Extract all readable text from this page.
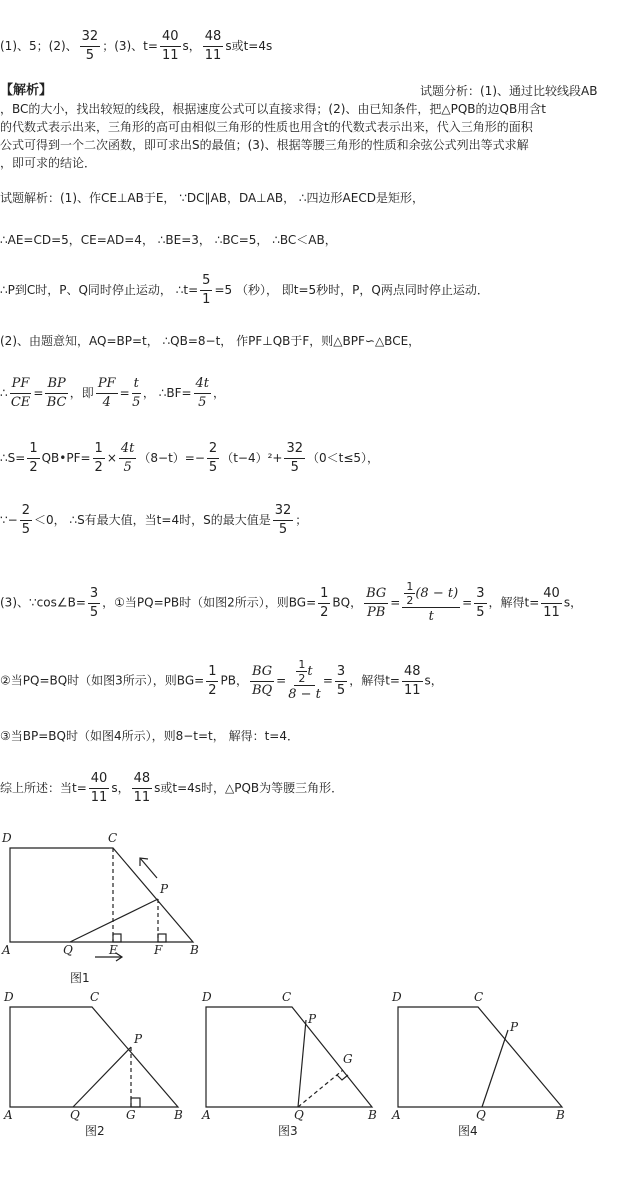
(1)、5；(2)、 $\frac{32}{5}$ ；(3)、$t= \frac{40}{11}$ s， $\frac{48}{11}$ s或t=4s
【解析】	试题分析：(1)、通过比较线段AB
，BC的大小，找出较短的线段，根据速度公式可以直接求得；(2)、由已知条件，把△PQB的边QB用含t
的代数式表示出来，三角形的高可由相似三角形的性质也用含t的代数式表示出来，代入三角形的面积
公式可得到一个二次函数，即可求出S的最值；(3)、根据等腰三角形的性质和余弦公式列出等式求解
，即可求的结论．
试题解析：(1)、作CE⊥AB于E， ∵DC∥AB，DA⊥AB， ∴四边形AECD是矩形，
∴AE=CD=5，CE=AD=4， ∴BE=3， ∴BC=5， ∴BC＜AB，
∴P到C时，P、Q同时停止运动， ∴t= $\frac{5}{1} =5$ （秒）， 即t=5秒时，P，Q两点同时停止运动．
(2)、由题意知，AQ=BP=t， ∴QB=8−t， 作PF⊥QB于F，则△BPF∽△BCE，
∴ $\frac{PF}{CE} = \frac{BP}{BC}$ ，即 $\frac{PF}{4} = \frac{t}{5}$ ， ∴BF= $\frac{4t}{5}$ ，
∴S= $\frac{1}{2}$ QB•PF= $\frac{1}{2} \times \frac{4t}{5} (8-t)=- \frac{2}{5} (t-4)^2+ \frac{32}{5} (0<t\le 5)$，
∵− $\frac{2}{5} <0$， ∴S有最大值，当t=4时，S的最大值是 $\frac{32}{5}$ ；
(3)、∵cos∠B= $\frac{3}{5}$ ，①当PQ=PB时（如图2所示），则$BG= \frac{1}{2}$ BQ， $\frac{BG}{PB} = \frac{\frac{1}{2} (8 - t)}{t} = \frac{3}{5}$ ，解得$t= \frac{40}{11}$ s，
②当PQ=BQ时（如图3所示），则$BG= \frac{1}{2}$ PB， $\frac{BG}{BQ} = \frac{\frac{1}{2} t}{8 - t} = \frac{3}{5}$ ，解得$t= \frac{48}{11}$ s，
③当BP=BQ时（如图4所示），则8−t=t， 解得：t=4．
综上所述：当$t= \frac{40}{11}$ s， $\frac{48}{11}$ s或t=4s时，△PQB为等腰三角形．
D	C
P
A	Q	E	F B
图1
D	C
P
A	Q	G	B
图2
D	C
P
G
A	Q	B
图3
D	C
P
A	Q	B
图4
